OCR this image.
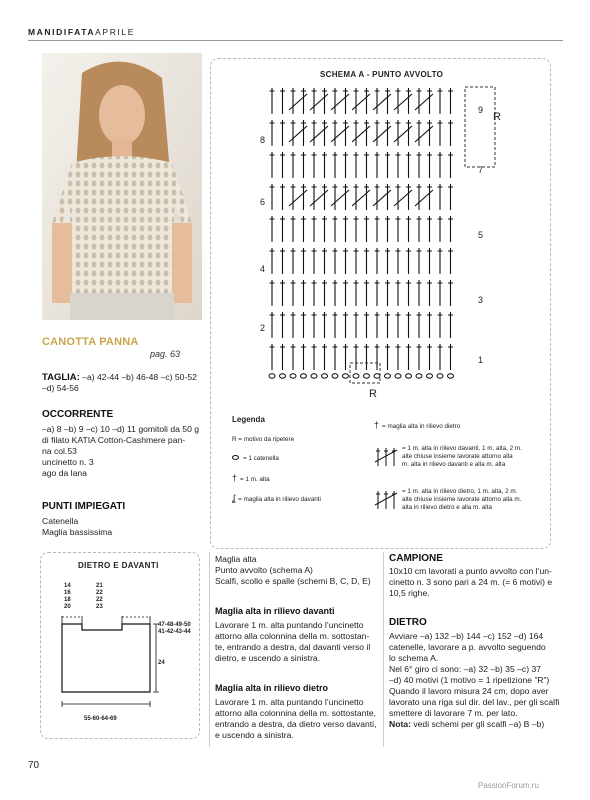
MANIDIFATAAPRILE
CANOTTA PANNA
pag. 63
TAGLIA: –a) 42-44 –b) 46-48 –c) 50-52 –d) 54-56
OCCORRENTE
–a) 8 –b) 9 –c) 10 –d) 11 gomitoli da 50 g
di filato KATIA Cotton-Cashmere pan-
na col.53
uncinetto n. 3
ago da lana
PUNTI IMPIEGATI
Catenella
Maglia bassissima
SCHEMA A - PUNTO AVVOLTO
R
R
9
7
5
3
1
8
6
4
2
Legenda
R = motivo da ripetere
= 1 catenella
† = 1 m. alta
ʆ = maglia alta in rilievo davanti
† = maglia alta in rilievo dietro
= 1 m. alta in rilievo davanti, 1 m. alta, 2 m.
alte chiuse insieme lavorate attorno alla
m. alta in rilievo davanti e alla m. alta
= 1 m. alta in rilievo dietro, 1 m. alta, 2 m.
alte chiuse insieme lavorate attorno alla m.
alta in rilievo dietro e alla m. alta
DIETRO E DAVANTI
14
16
18
20
21
22
22
23
47-48-49-50
41-42-43-44
24
55-60-64-69
Maglia alta
Punto avvolto (schema A)
Scalfi, scollo e spalle (schemi B, C, D, E)
Maglia alta in rilievo davanti
Lavorare 1 m. alta puntando l’uncinetto
attorno alla colonnina della m. sottostan-
te, entrando a destra, dal davanti verso il
dietro, e uscendo a sinistra.
Maglia alta in rilievo dietro
Lavorare 1 m. alta puntando l’uncinetto
attorno alla colonnina della m. sottostante,
entrando a destra, da dietro verso davanti,
e uscendo a sinistra.
CAMPIONE
10x10 cm lavorati a punto avvolto con l’un-
cinetto n. 3 sono pari a 24 m. (= 6 motivi) e
10,5 righe.
DIETRO
Avviare –a) 132 –b) 144 –c) 152 –d) 164
catenelle, lavorare a p. avvolto seguendo
lo schema A.
Nel 6° giro ci sono: –a) 32 –b) 35 –c) 37
–d) 40 motivi (1 motivo = 1 ripetizione ”R”)
Quando il lavoro misura 24 cm, dopo aver
lavorato una riga sul dir. del lav., per gli scalfi
smettere di lavorare 7 m. per lato.
Nota: vedi schemi per gli scalfi –a) B –b)
70
PassionForum.ru
